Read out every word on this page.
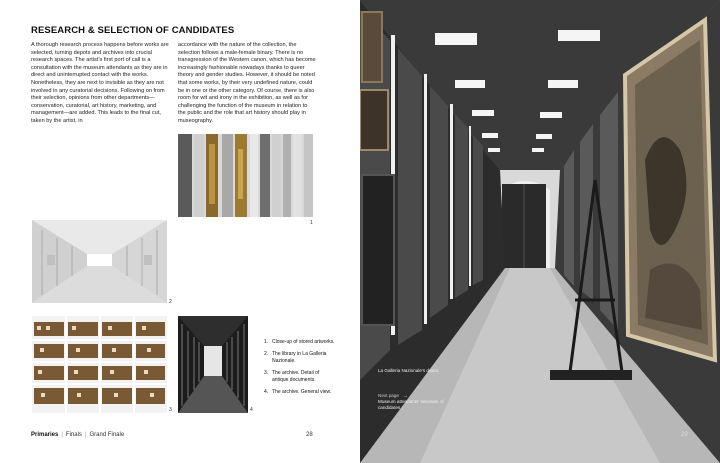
RESEARCH & SELECTION OF CANDIDATES

A thorough research process happens before works are selected, turning depots and archives into crucial research spaces. The artist’s first port of call is a consultation with the museum attendants as they are in direct and uninterrupted contact with the works. Nonetheless, they are next to invisible as they are not involved in any curatorial decisions. Following on from their selection, opinions from other departments—conservation, curatorial, art history, marketing, and management—are added. This leads to the final cut, taken by the artist, in

accordance with the nature of the collection, the selection follows a male-female binary. There is no transgression of the Western canon, which has become increasingly fashionable nowadays thanks to queer theory and gender studies. However, it should be noted that some works, by their very undefined nature, could be in one or the other category. Of course, there is also room for wit and irony in the exhibition, as well as for challenging the function of the museum in relation to the public and the role that art history should play in museography.

1
2
3	4
1. Close-up of stored artworks.
2. The library in La Galleria Nazionale.
3. The archive. Detail of antique documents.
4. The archive. General view.
Primaries | Finals | Grand Finale	28

La Galleria Nazionale’s depot.

Next page →
Museum attendants’ selection of candidates.
29
